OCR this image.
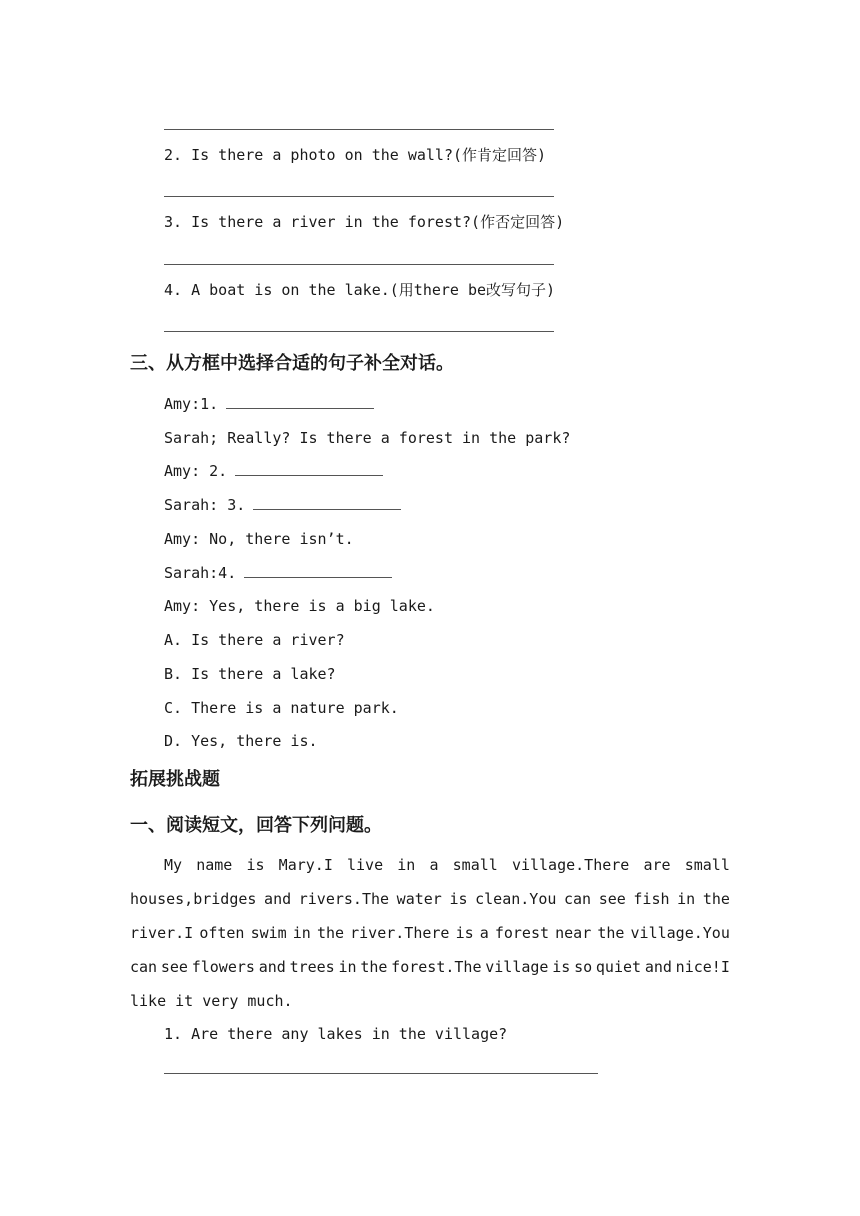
2. Is there a photo on the wall?(作肯定回答)
3. Is there a river in the forest?(作否定回答)
4. A boat is on the lake.(用there be改写句子)
三、从方框中选择合适的句子补全对话。
Amy:1.
Sarah; Really? Is there a forest in the park?
Amy: 2.
Sarah: 3.
Amy: No, there isn’t.
Sarah:4.
Amy: Yes, there is a big lake.
A. Is there a river?
B. Is there a lake?
C. There is a nature park.
D. Yes, there is.
拓展挑战题
一、阅读短文，回答下列问题。
My name is Mary.I live in a small village.There are small
houses,bridges and rivers.The water is clean.You can see fish in the
river.I often swim in the river.There is a forest near the village.You
can see flowers and trees in the forest.The village is so quiet and nice!I
like it very much.
1. Are there any lakes in the village?
